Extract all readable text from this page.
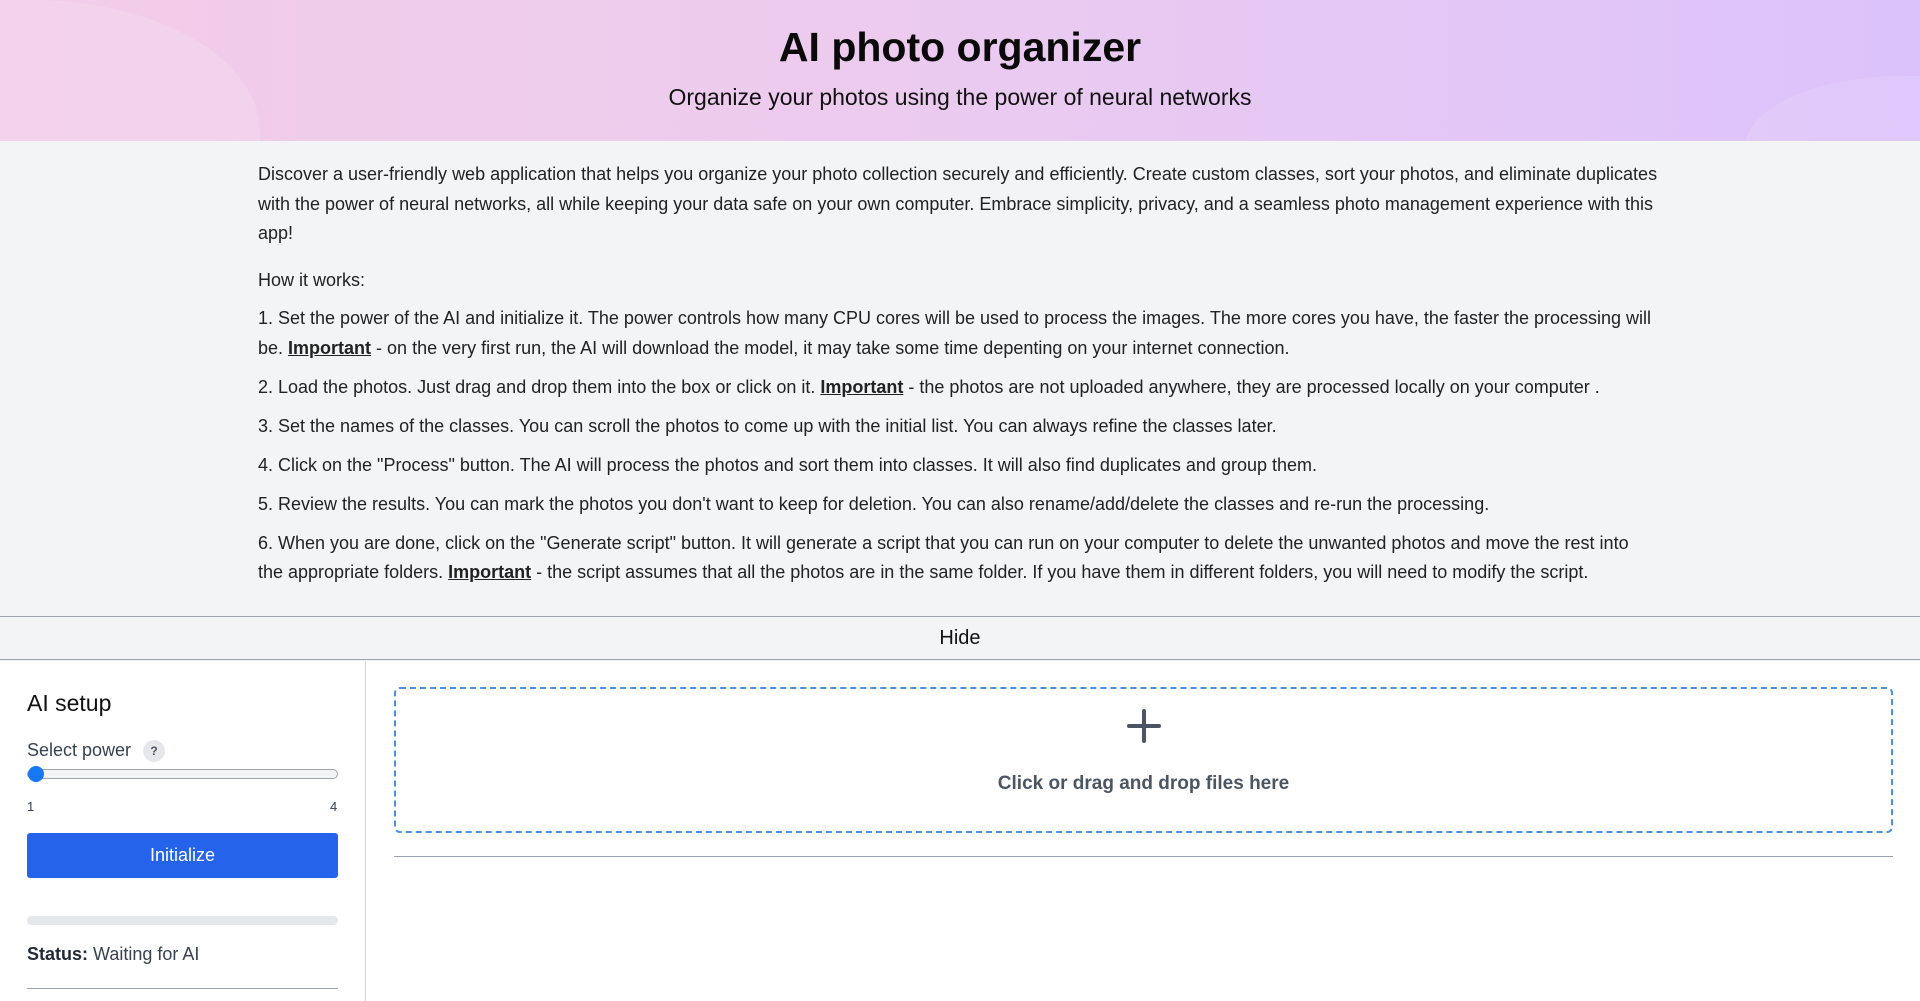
AI photo organizer
Organize your photos using the power of neural networks

Discover a user-friendly web application that helps you organize your photo collection securely and efficiently. Create custom classes, sort your photos, and eliminate duplicates with the power of neural networks, all while keeping your data safe on your own computer. Embrace simplicity, privacy, and a seamless photo management experience with this app!

How it works:

1. Set the power of the AI and initialize it. The power controls how many CPU cores will be used to process the images. The more cores you have, the faster the processing will be. Important - on the very first run, the AI will download the model, it may take some time depenting on your internet connection.
2. Load the photos. Just drag and drop them into the box or click on it. Important - the photos are not uploaded anywhere, they are processed locally on your computer .
3. Set the names of the classes. You can scroll the photos to come up with the initial list. You can always refine the classes later.
4. Click on the "Process" button. The AI will process the photos and sort them into classes. It will also find duplicates and group them.
5. Review the results. You can mark the photos you don't want to keep for deletion. You can also rename/add/delete the classes and re-run the processing.
6. When you are done, click on the "Generate script" button. It will generate a script that you can run on your computer to delete the unwanted photos and move the rest into the appropriate folders. Important - the script assumes that all the photos are in the same folder. If you have them in different folders, you will need to modify the script.
Hide
AI setup
Select power	?
1	4
Initialize
Status: Waiting for AI
Click or drag and drop files here
